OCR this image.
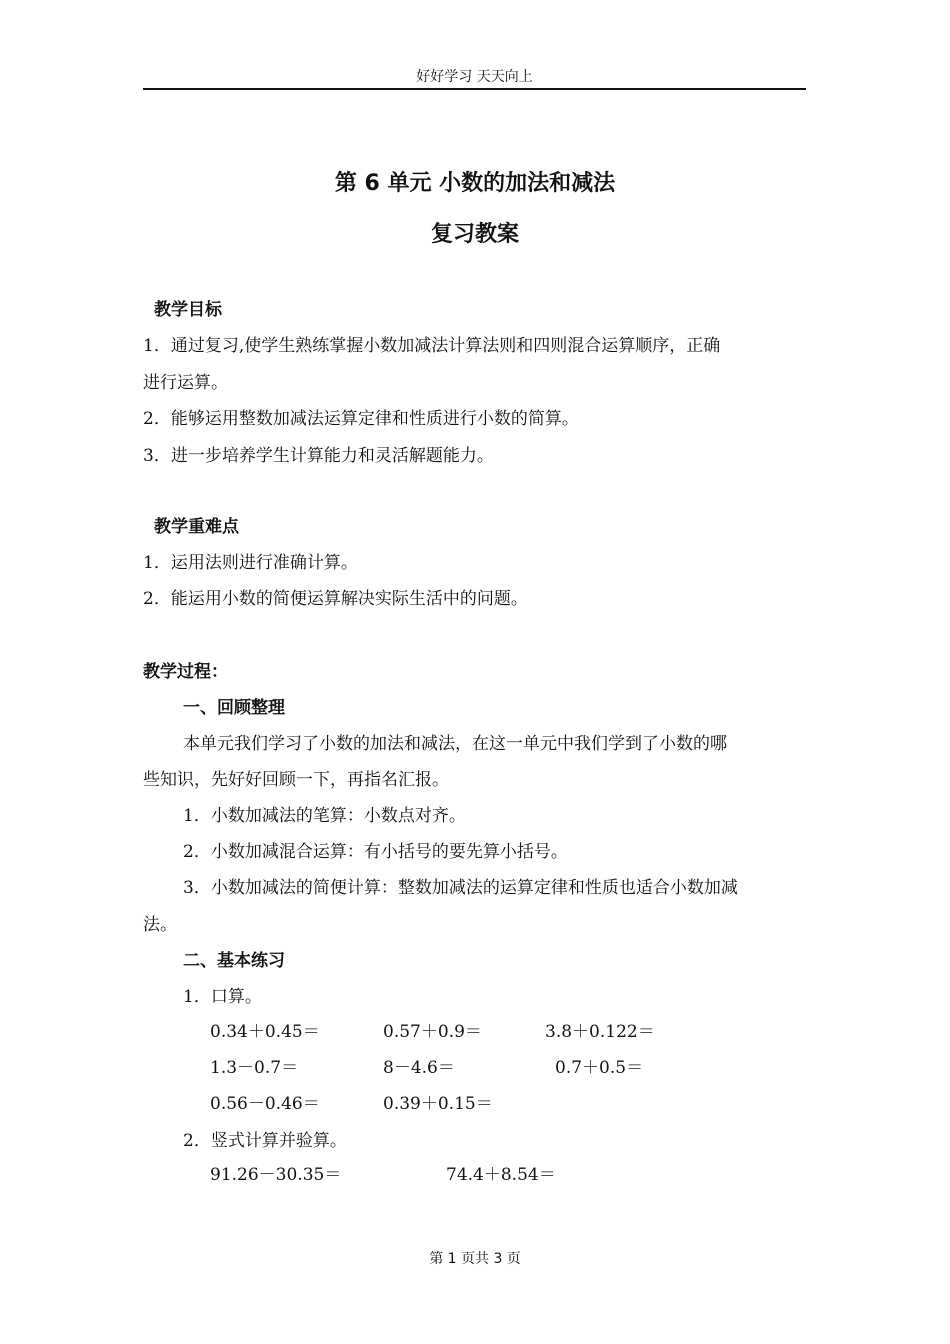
好好学习 天天向上
第 6 单元 小数的加法和减法
复习教案
教学目标
1．通过复习,使学生熟练掌握小数加减法计算法则和四则混合运算顺序，正确
进行运算。
2．能够运用整数加减法运算定律和性质进行小数的简算。
3．进一步培养学生计算能力和灵活解题能力。
教学重难点
1．运用法则进行准确计算。
2．能运用小数的简便运算解决实际生活中的问题。
教学过程：
一、回顾整理
本单元我们学习了小数的加法和减法，在这一单元中我们学到了小数的哪
些知识，先好好回顾一下，再指名汇报。
1．小数加减法的笔算：小数点对齐。
2．小数加减混合运算：有小括号的要先算小括号。
3．小数加减法的简便计算：整数加减法的运算定律和性质也适合小数加减
法。
二、基本练习
1．口算。
0.34＋0.45＝	0.57＋0.9＝	3.8＋0.122＝
1.3－0.7＝	8－4.6＝	0.7＋0.5＝
0.56－0.46＝	0.39＋0.15＝
2．竖式计算并验算。
91.26－30.35＝	74.4＋8.54＝
第 1 页共 3 页
